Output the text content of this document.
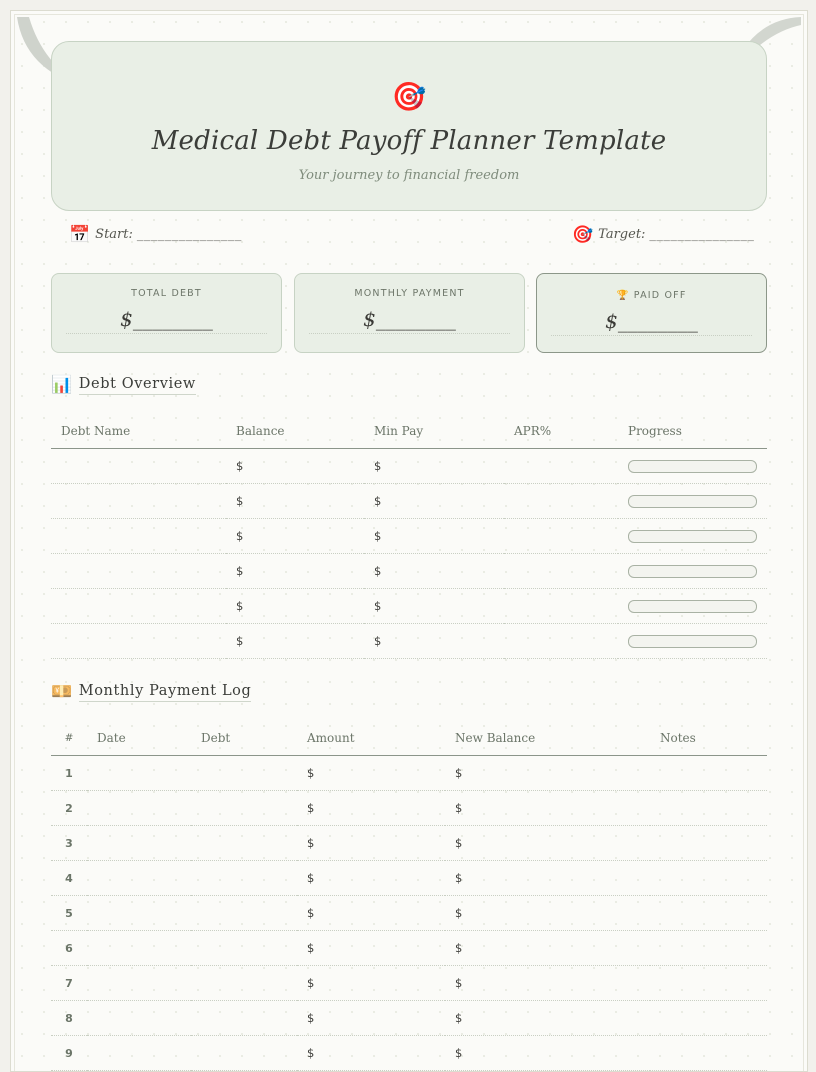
🎯
Medical Debt Payoff Planner Template
Your journey to financial freedom
📅 Start: _______________	🎯 Target: _______________
TOTAL DEBT
$________
MONTHLY PAYMENT
$________
🏆 PAID OFF
$________
📊 Debt Overview
Debt Name	Balance	Min Pay	APR%	Progress
	$	$		

	$	$		

	$	$		

	$	$		

	$	$		

	$	$		
💴 Monthly Payment Log
#	Date	Debt	Amount	New Balance	Notes
1			$	$	
2			$	$	
3			$	$	
4			$	$	
5			$	$	
6			$	$	
7			$	$	
8			$	$	
9			$	$	
